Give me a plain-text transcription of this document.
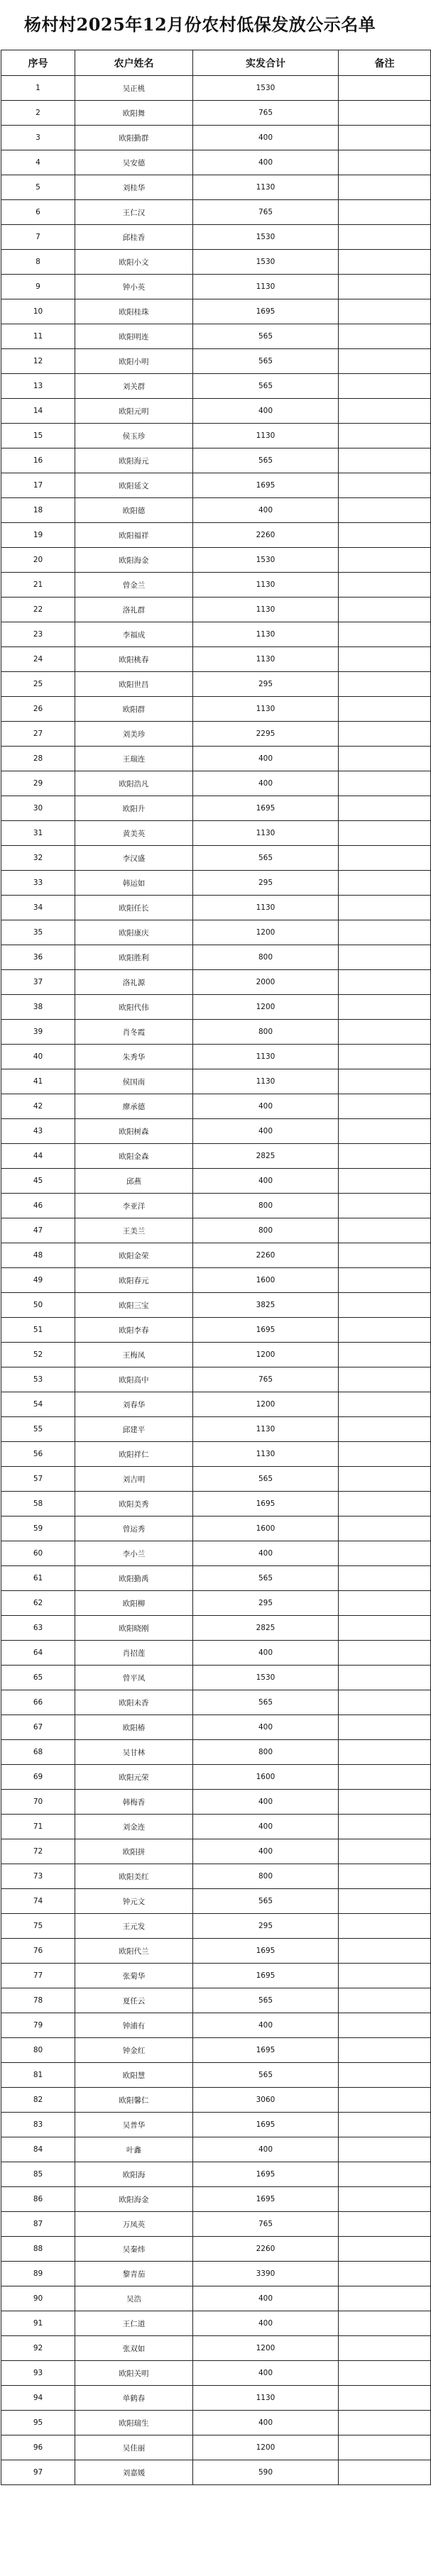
杨村村2025年12月份农村低保发放公示名单
序号	农户姓名	实发合计	备注
1	吴正桃	1530	
2	欧阳舞	765	
3	欧阳勤群	400	
4	吴安德	400	
5	刘桂华	1130	
6	王仁汉	765	
7	邱桂香	1530	
8	欧阳小文	1530	
9	钟小英	1130	
10	欧阳桂珠	1695	
11	欧阳明连	565	
12	欧阳小明	565	
13	刘关群	565	
14	欧阳元明	400	
15	侯玉珍	1130	
16	欧阳海元	565	
17	欧阳延文	1695	
18	欧阳德	400	
19	欧阳福祥	2260	
20	欧阳海金	1530	
21	曾金兰	1130	
22	洛礼群	1130	
23	李福成	1130	
24	欧阳桃春	1130	
25	欧阳世昌	295	
26	欧阳群	1130	
27	刘美珍	2295	
28	王瑞连	400	
29	欧阳浩凡	400	
30	欧阳升	1695	
31	黄美英	1130	
32	李汉盛	565	
33	韩运如	295	
34	欧阳任长	1130	
35	欧阳康庆	1200	
36	欧阳胜利	800	
37	洛礼源	2000	
38	欧阳代伟	1200	
39	肖冬霞	800	
40	朱秀华	1130	
41	侯国南	1130	
42	廖承德	400	
43	欧阳树森	400	
44	欧阳金森	2825	
45	邱燕	400	
46	李亚洋	800	
47	王美兰	800	
48	欧阳金荣	2260	
49	欧阳春元	1600	
50	欧阳三宝	3825	
51	欧阳李春	1695	
52	王梅凤	1200	
53	欧阳高中	765	
54	刘春华	1200	
55	邱建平	1130	
56	欧阳祥仁	1130	
57	刘吉明	565	
58	欧阳美秀	1695	
59	曾运秀	1600	
60	李小兰	400	
61	欧阳勤禹	565	
62	欧阳柳	295	
63	欧阳晓刚	2825	
64	肖招莲	400	
65	曾平凤	1530	
66	欧阳未香	565	
67	欧阳椿	400	
68	吴甘林	800	
69	欧阳元荣	1600	
70	韩梅香	400	
71	刘金连	400	
72	欧阳拼	400	
73	欧阳美红	800	
74	钟元文	565	
75	王元发	295	
76	欧阳代兰	1695	
77	张菊华	1695	
78	夏任云	565	
79	钟浦有	400	
80	钟金红	1695	
81	欧阳慧	565	
82	欧阳馨仁	3060	
83	吴普华	1695	
84	叶鑫	400	
85	欧阳海	1695	
86	欧阳海金	1695	
87	万凤英	765	
88	吴秦炜	2260	
89	黎青茄	3390	
90	吴浩	400	
91	王仁道	400	
92	张双如	1200	
93	欧阳关明	400	
94	单鹤春	1130	
95	欧阳瑞生	400	
96	吴佳丽	1200	
97	刘嘉媛	590	
